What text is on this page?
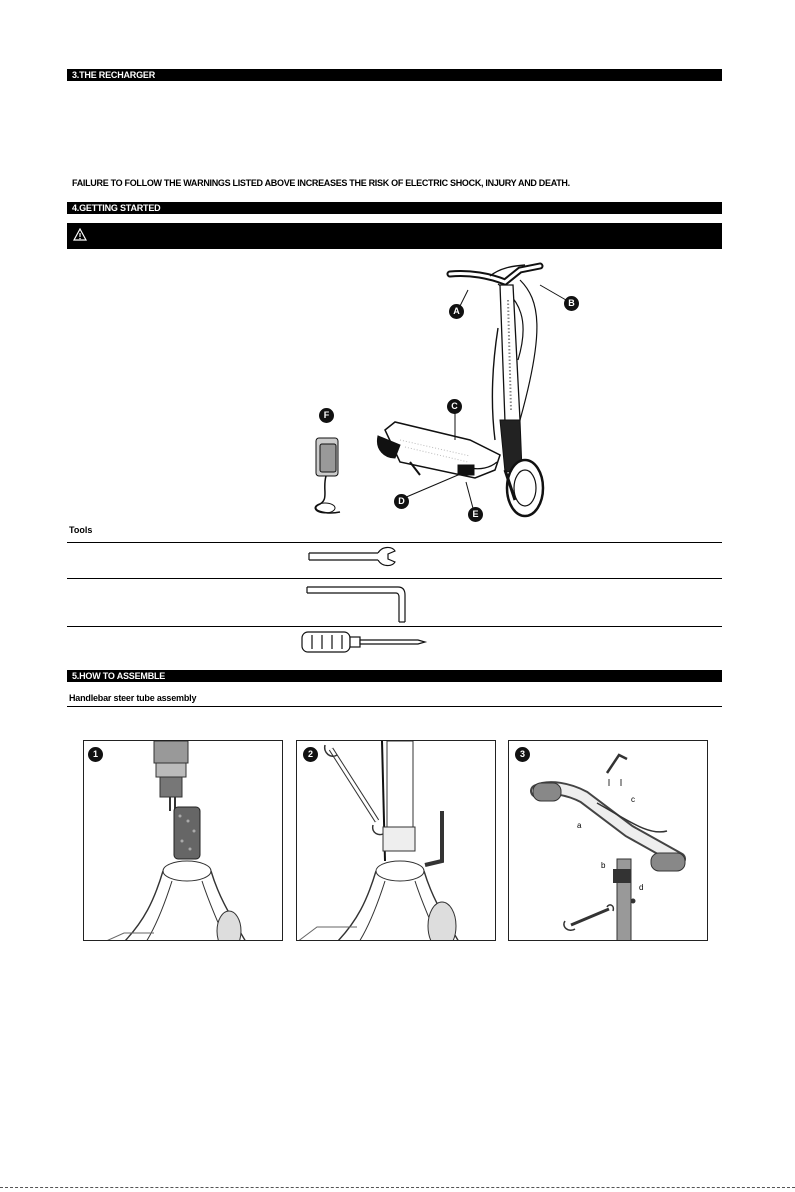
3.THE RECHARGER
FAILURE TO FOLLOW THE WARNINGS LISTED ABOVE INCREASES THE RISK OF ELECTRIC SHOCK, INJURY AND DEATH.
4.GETTING STARTED
A
B
C
D
E
F
Tools
5.HOW TO ASSEMBLE
Handlebar steer tube assembly
1	2	3
a
b
c
d
